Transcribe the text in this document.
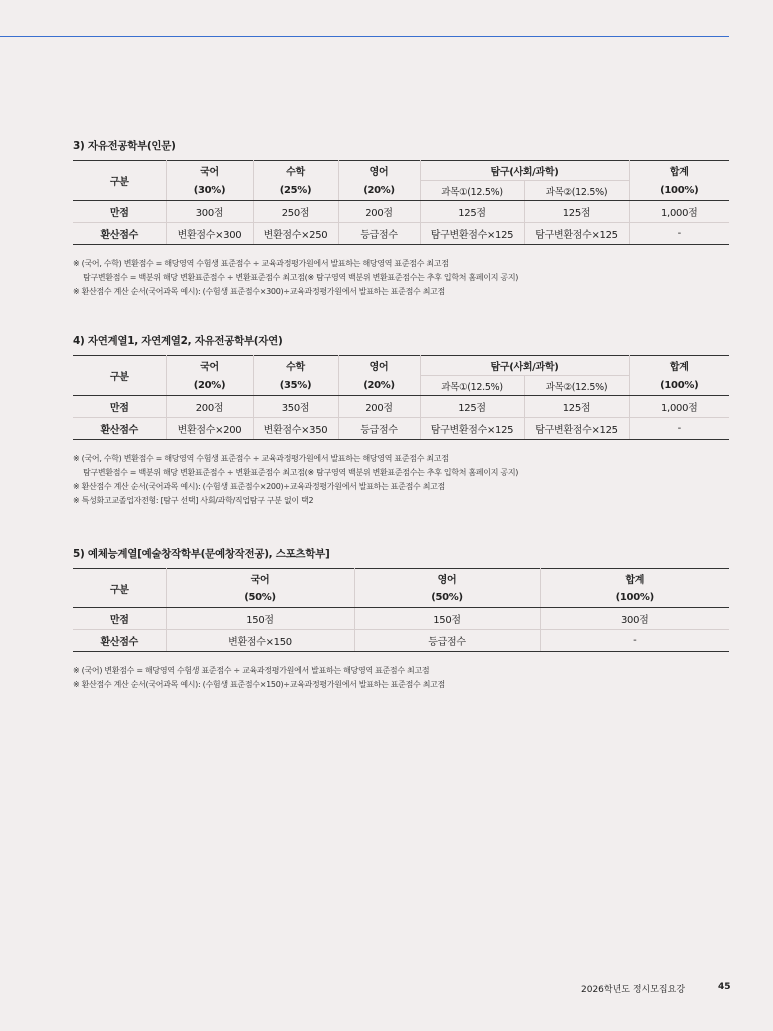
3) 자유전공학부(인문)

구분	국어	수학	영어	탐구(사회/과학)		합계
	(30%)	(25%)	(20%)	과목①(12.5%)	과목②(12.5%)	(100%)
만점	300점	250점	200점	125점	125점	1,000점
환산점수	변환점수×300	변환점수×250	등급점수	탐구변환점수×125	탐구변환점수×125	-
※ (국어, 수학) 변환점수 = 해당영역 수험생 표준점수 ÷ 교육과정평가원에서 발표하는 해당영역 표준점수 최고점
탐구변환점수 = 백분위 해당 변환표준점수 ÷ 변환표준점수 최고점(※ 탐구영역 백분위 변환표준점수는 추후 입학처 홈페이지 공지)
※ 환산점수 계산 순서(국어과목 예시): (수험생 표준점수×300)÷교육과정평가원에서 발표하는 표준점수 최고점

4) 자연계열1, 자연계열2, 자유전공학부(자연)

구분	국어	수학	영어	탐구(사회/과학)		합계
	(20%)	(35%)	(20%)	과목①(12.5%)	과목②(12.5%)	(100%)
만점	200점	350점	200점	125점	125점	1,000점
환산점수	변환점수×200	변환점수×350	등급점수	탐구변환점수×125	탐구변환점수×125	-
※ (국어, 수학) 변환점수 = 해당영역 수험생 표준점수 ÷ 교육과정평가원에서 발표하는 해당영역 표준점수 최고점
탐구변환점수 = 백분위 해당 변환표준점수 ÷ 변환표준점수 최고점(※ 탐구영역 백분위 변환표준점수는 추후 입학처 홈페이지 공지)
※ 환산점수 계산 순서(국어과목 예시): (수험생 표준점수×200)÷교육과정평가원에서 발표하는 표준점수 최고점
※ 특성화고교졸업자전형: [탐구 선택] 사회/과학/직업탐구 구분 없이 택2

5) 예체능계열[예술창작학부(문예창작전공), 스포츠학부]

구분	국어	영어	합계
	(50%)	(50%)	(100%)
만점	150점	150점	300점
환산점수	변환점수×150	등급점수	-
※ (국어) 변환점수 = 해당영역 수험생 표준점수 ÷ 교육과정평가원에서 발표하는 해당영역 표준점수 최고점
※ 환산점수 계산 순서(국어과목 예시): (수험생 표준점수×150)÷교육과정평가원에서 발표하는 표준점수 최고점
2026학년도 정시모집요강	45
